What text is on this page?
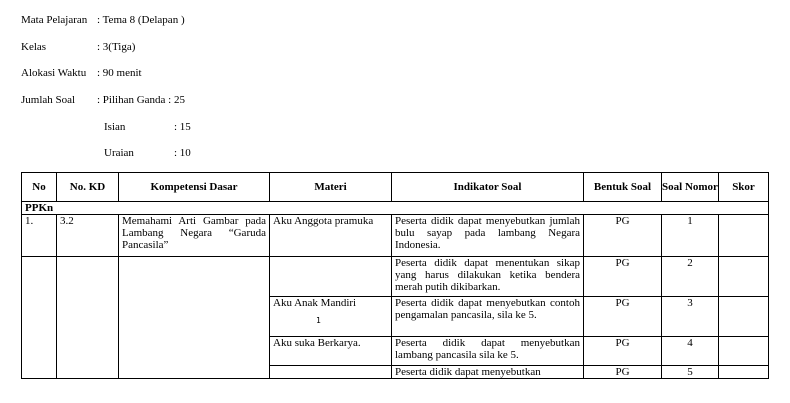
Mata Pelajaran : Tema 8 (Delapan )
Kelas	: 3(Tiga)
Alokasi Waktu : 90 menit
Jumlah Soal : Pilihan Ganda : 25
Isian	: 15
Uraian	: 10
No	No. KD	Kompetensi Dasar	Materi	Indikator Soal	Bentuk Soal	Soal Nomor	Skor
PPKn							
1.	3.2	Memahami Arti Gambar pada Lambang Negara “Garuda Pancasila”	Aku Anggota pramuka	Peserta didik dapat menyebutkan jumlah bulu sayap pada lambang Negara Indonesia.	PG	1	
				Peserta didik dapat menentukan sikap yang harus dilakukan ketika bendera merah putih dikibarkan.	PG	2	
			Aku Anak Mandiri	Peserta didik dapat menyebutkan contoh pengamalan pancasila, sila ke 5.	PG	3	
			Aku suka Berkarya.	Peserta didik dapat menyebutkan lambang pancasila sila ke 5.	PG	4	
				Peserta didik dapat menyebutkan	PG	5	
1
